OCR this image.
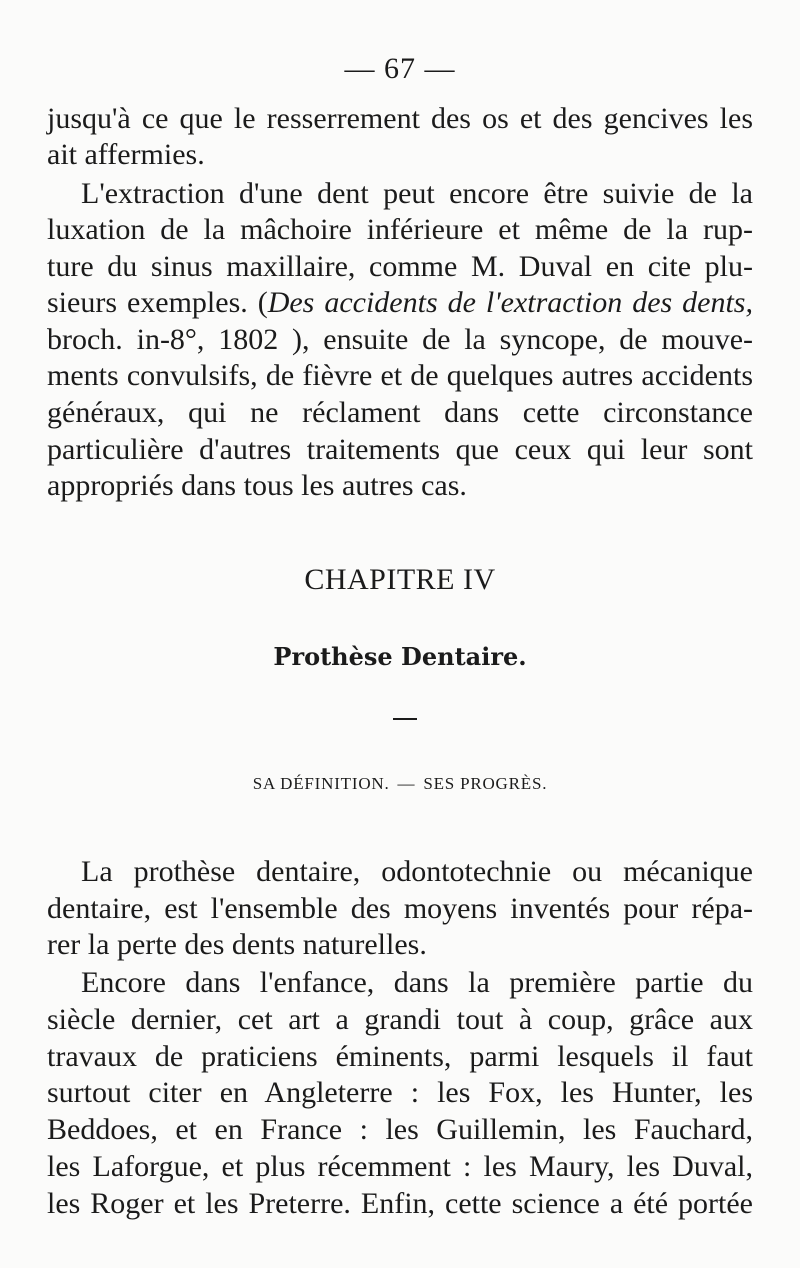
— 67 —
jusqu'à ce que le resserrement des os et des gencives les
ait affermies.
L'extraction d'une dent peut encore être suivie de la
luxation de la mâchoire inférieure et même de la rup-
ture du sinus maxillaire, comme M. Duval en cite plu-
sieurs exemples. (Des accidents de l'extraction des dents,
broch. in-8°, 1802 ), ensuite de la syncope, de mouve-
ments convulsifs, de fièvre et de quelques autres accidents
généraux, qui ne réclament dans cette circonstance
particulière d'autres traitements que ceux qui leur sont
appropriés dans tous les autres cas.
CHAPITRE IV
Prothèse Dentaire.
SA DÉFINITION. — SES PROGRÈS.
La prothèse dentaire, odontotechnie ou mécanique
dentaire, est l'ensemble des moyens inventés pour répa-
rer la perte des dents naturelles.
Encore dans l'enfance, dans la première partie du
siècle dernier, cet art a grandi tout à coup, grâce aux
travaux de praticiens éminents, parmi lesquels il faut
surtout citer en Angleterre : les Fox, les Hunter, les
Beddoes, et en France : les Guillemin, les Fauchard,
les Laforgue, et plus récemment : les Maury, les Duval,
les Roger et les Preterre. Enfin, cette science a été portée
